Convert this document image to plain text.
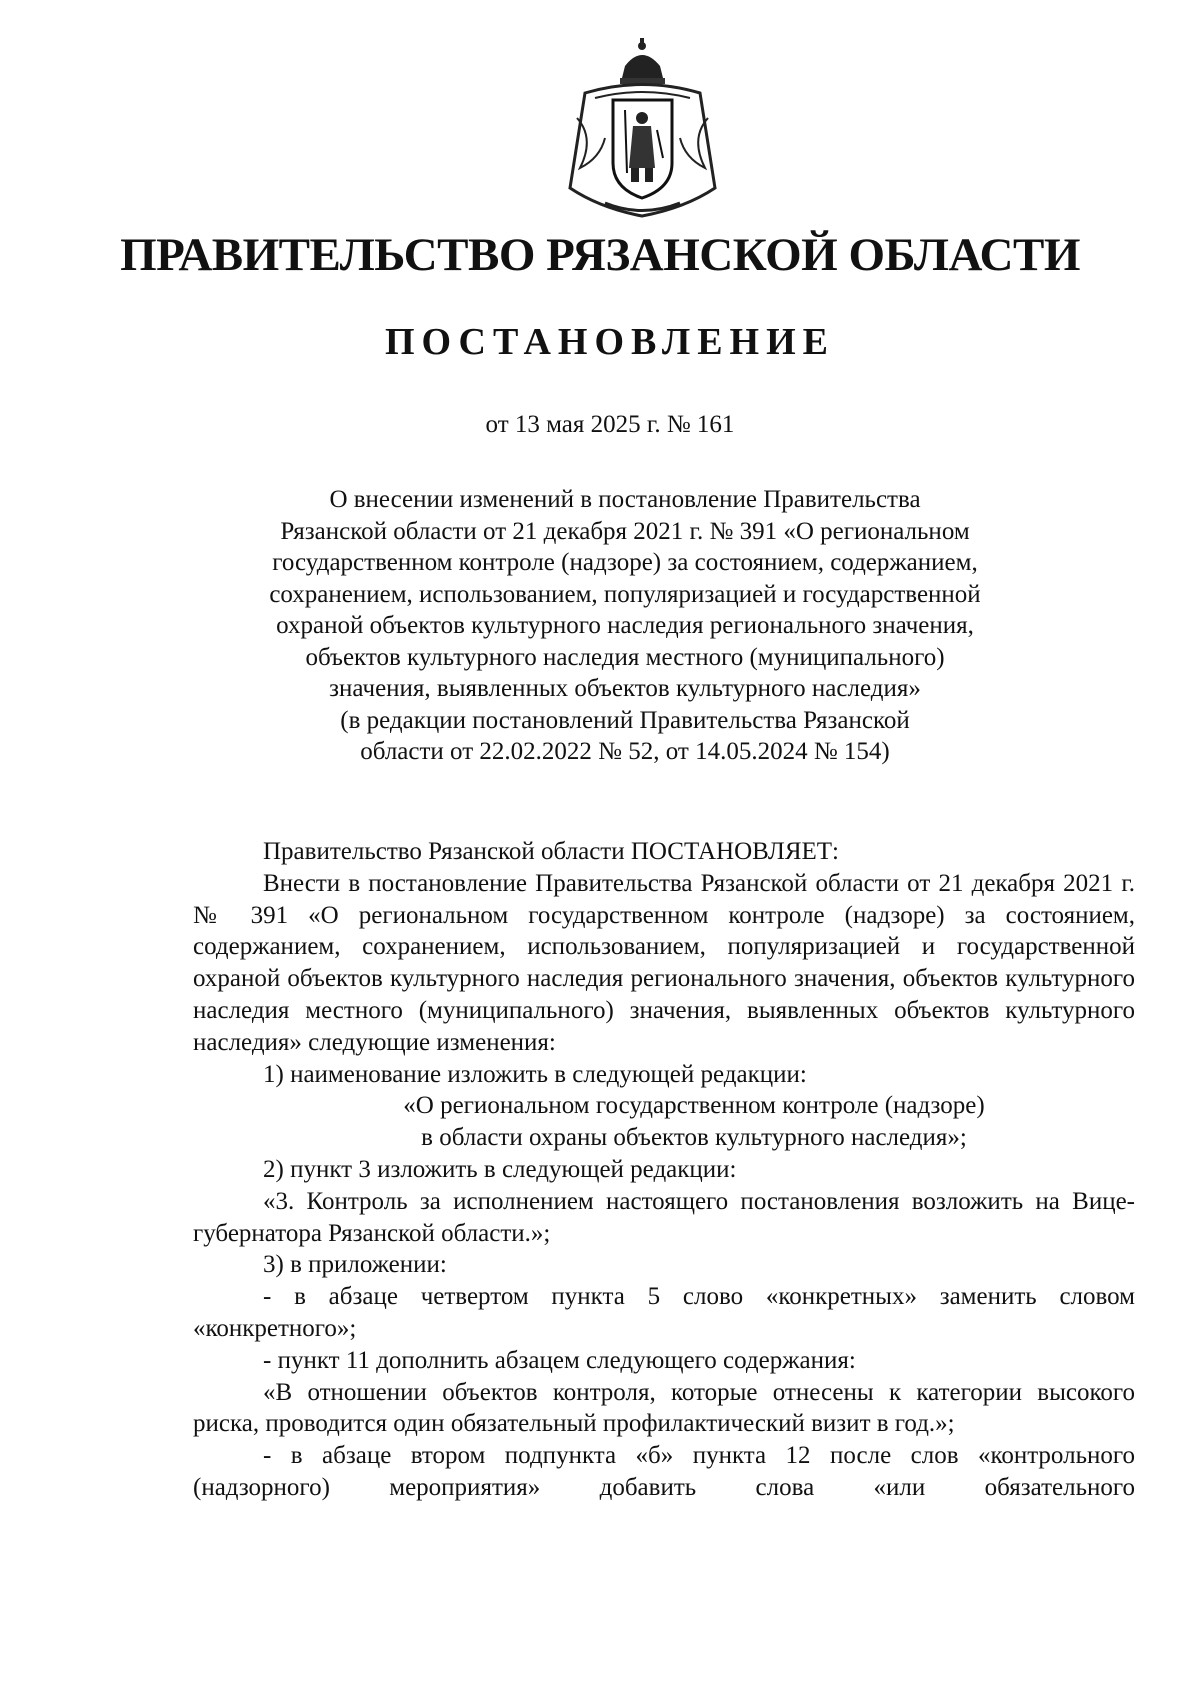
ПРАВИТЕЛЬСТВО РЯЗАНСКОЙ ОБЛАСТИ
ПОСТАНОВЛЕНИЕ
от 13 мая 2025 г. № 161
О внесении изменений в постановление Правительства
Рязанской области от 21 декабря 2021 г. № 391 «О региональном
государственном контроле (надзоре) за состоянием, содержанием,
сохранением, использованием, популяризацией и государственной
охраной объектов культурного наследия регионального значения,
объектов культурного наследия местного (муниципального)
значения, выявленных объектов культурного наследия»
(в редакции постановлений Правительства Рязанской
области от 22.02.2022 № 52, от 14.05.2024 № 154)

Правительство Рязанской области ПОСТАНОВЛЯЕТ:

Внести в постановление Правительства Рязанской области от 21 декабря 2021 г. № 391 «О региональном государственном контроле (надзоре) за состоянием, содержанием, сохранением, использованием, популяризацией и государственной охраной объектов культурного наследия регионального значения, объектов культурного наследия местного (муниципального) значения, выявленных объектов культурного наследия» следующие изменения:

1) наименование изложить в следующей редакции:

«О региональном государственном контроле (надзоре)

в области охраны объектов культурного наследия»;

2) пункт 3 изложить в следующей редакции:

«3. Контроль за исполнением настоящего постановления возложить на Вице-губернатора Рязанской области.»;

3) в приложении:

- в абзаце четвертом пункта 5 слово «конкретных» заменить словом «конкретного»;

- пункт 11 дополнить абзацем следующего содержания:

«В отношении объектов контроля, которые отнесены к категории высокого риска, проводится один обязательный профилактический визит в год.»;

- в абзаце втором подпункта «б» пункта 12 после слов «контрольного (надзорного) мероприятия» добавить слова «или обязательного
